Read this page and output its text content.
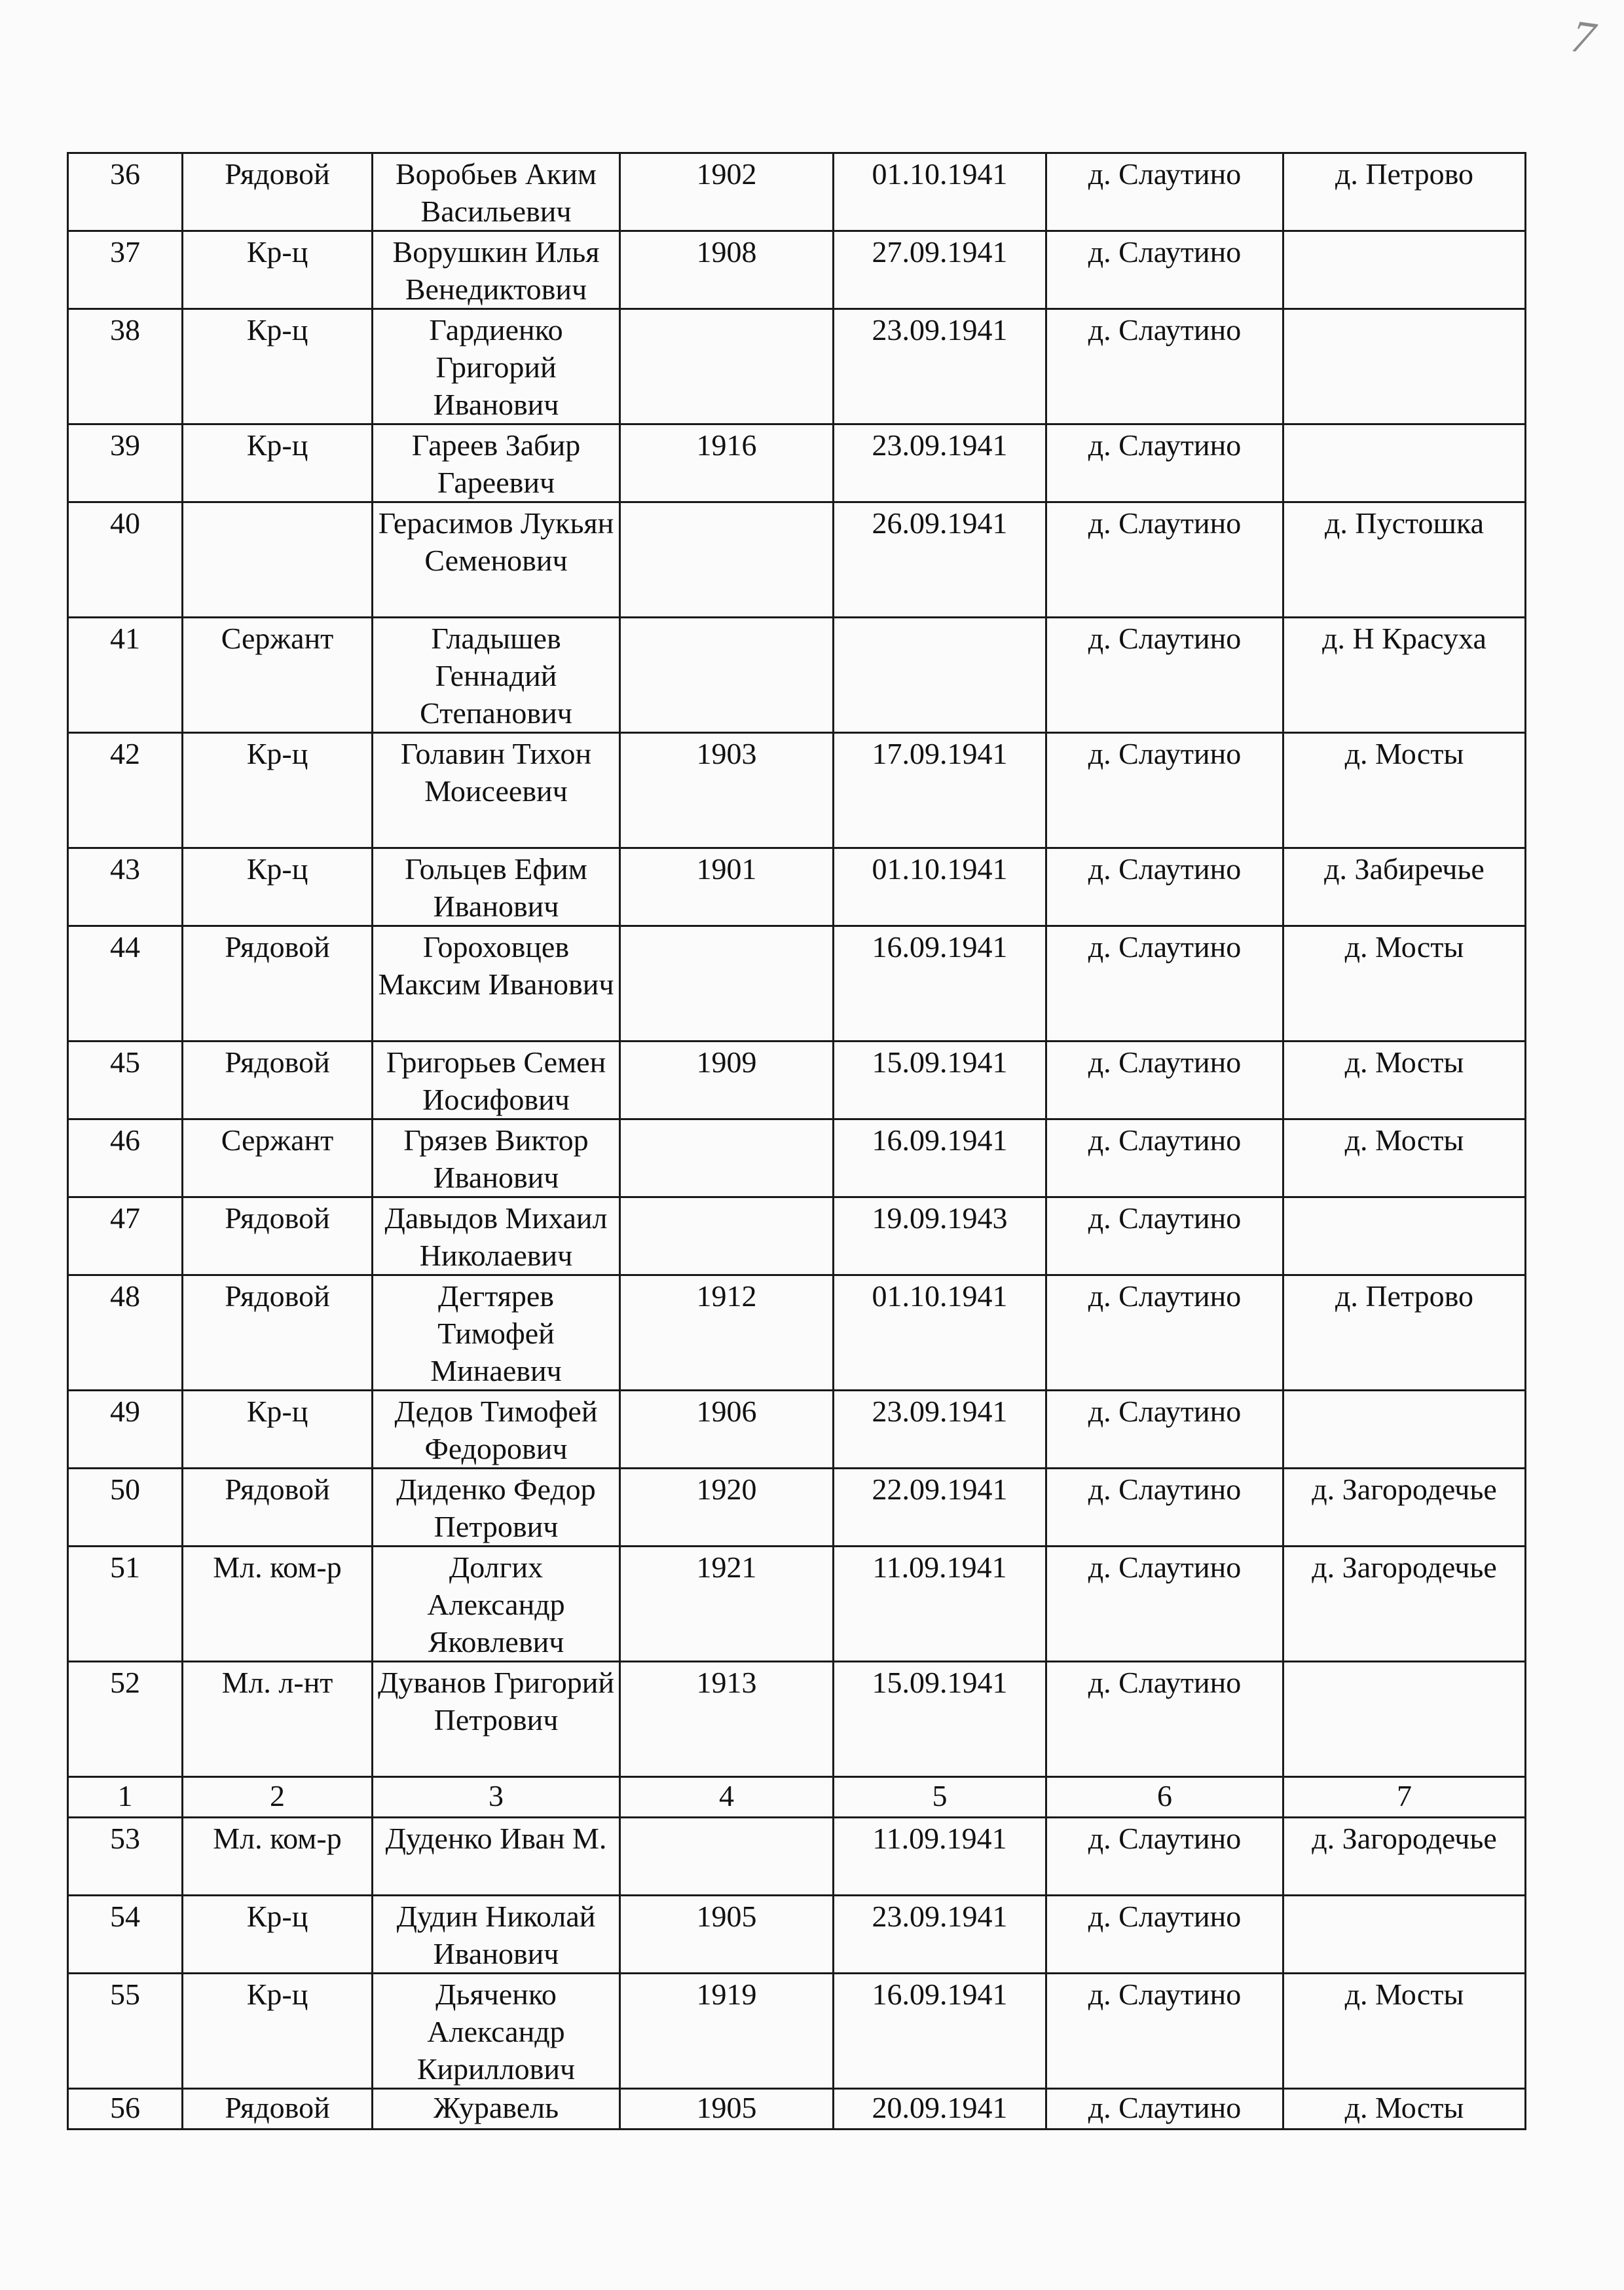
7
36	Рядовой	Воробьев Аким Васильевич	1902	01.10.1941	д. Слаутино	д. Петрово
37	Кр-ц	Ворушкин Илья Венедиктович	1908	27.09.1941	д. Слаутино	
38	Кр-ц	Гардиенко Григорий Иванович		23.09.1941	д. Слаутино	
39	Кр-ц	Гареев Забир Гареевич	1916	23.09.1941	д. Слаутино	
40		Герасимов Лукьян Семенович		26.09.1941	д. Слаутино	д. Пустошка
41	Сержант	Гладышев Геннадий Степанович			д. Слаутино	д. Н Красуха
42	Кр-ц	Голавин Тихон Моисеевич	1903	17.09.1941	д. Слаутино	д. Мосты
43	Кр-ц	Гольцев Ефим Иванович	1901	01.10.1941	д. Слаутино	д. Забиречье
44	Рядовой	Гороховцев Максим Иванович		16.09.1941	д. Слаутино	д. Мосты
45	Рядовой	Григорьев Семен Иосифович	1909	15.09.1941	д. Слаутино	д. Мосты
46	Сержант	Грязев Виктор Иванович		16.09.1941	д. Слаутино	д. Мосты
47	Рядовой	Давыдов Михаил Николаевич		19.09.1943	д. Слаутино	
48	Рядовой	Дегтярев Тимофей Минаевич	1912	01.10.1941	д. Слаутино	д. Петрово
49	Кр-ц	Дедов Тимофей Федорович	1906	23.09.1941	д. Слаутино	
50	Рядовой	Диденко Федор Петрович	1920	22.09.1941	д. Слаутино	д. Загородечье
51	Мл. ком-р	Долгих Александр Яковлевич	1921	11.09.1941	д. Слаутино	д. Загородечье
52	Мл. л-нт	Дуванов Григорий Петрович	1913	15.09.1941	д. Слаутино	
1	2	3	4	5	6	7
53	Мл. ком-р	Дуденко Иван М.		11.09.1941	д. Слаутино	д. Загородечье
54	Кр-ц	Дудин Николай Иванович	1905	23.09.1941	д. Слаутино	
55	Кр-ц	Дьяченко Александр Кириллович	1919	16.09.1941	д. Слаутино	д. Мосты
56	Рядовой	Журавель	1905	20.09.1941	д. Слаутино	д. Мосты
